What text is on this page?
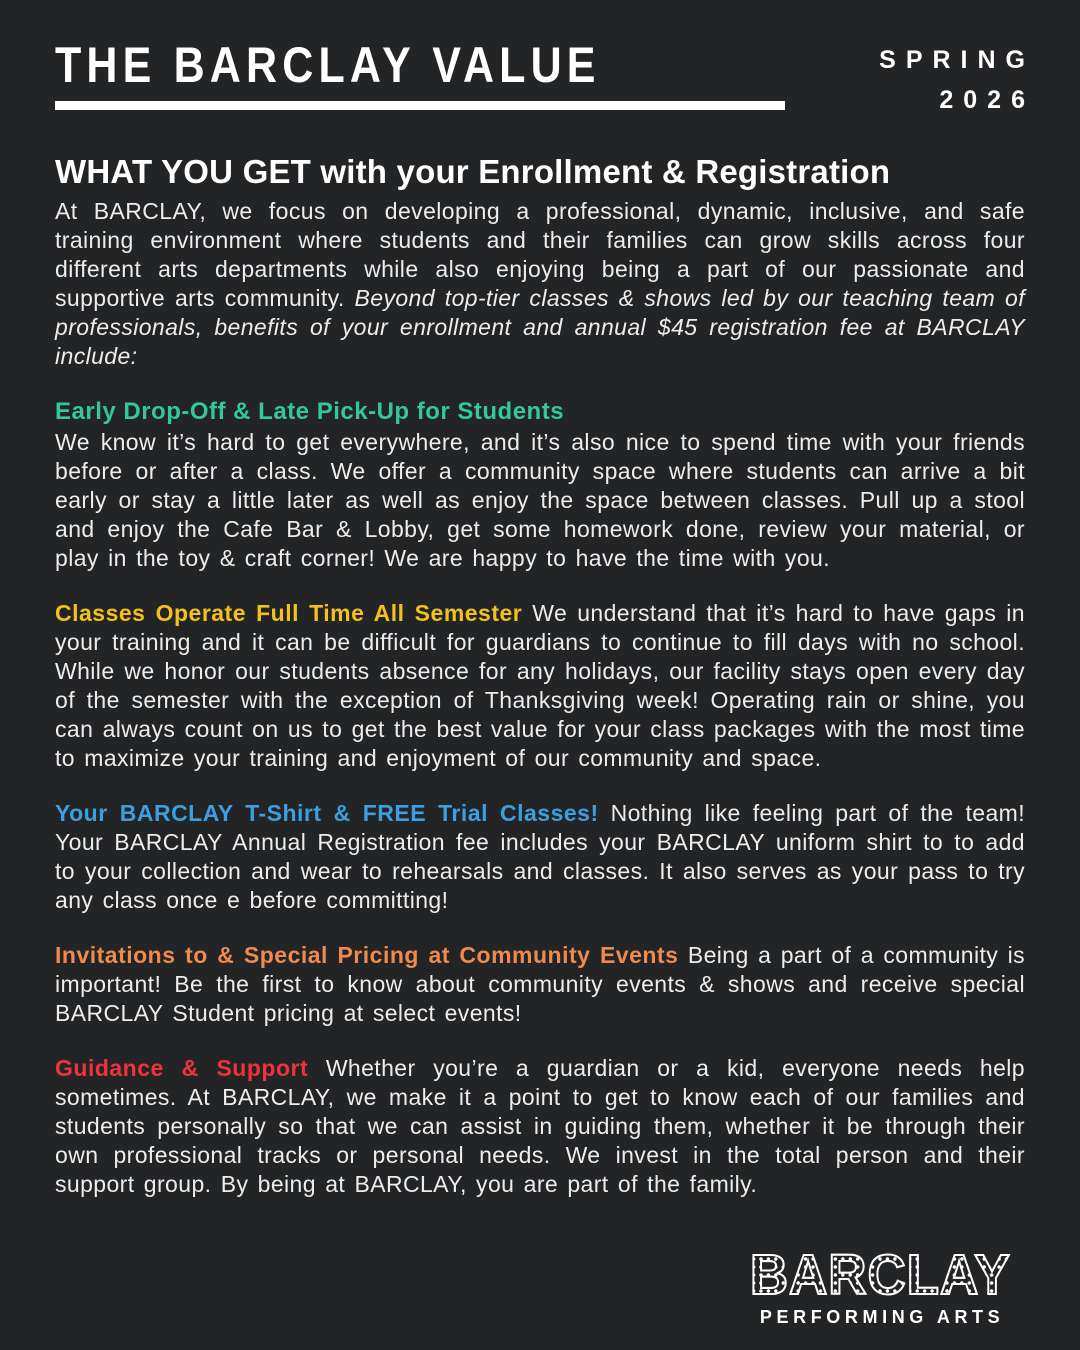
THE BARCLAY VALUE	SPRING
2026
WHAT YOU GET with your Enrollment & Registration

At BARCLAY, we focus on developing a professional, dynamic, inclusive, and safe training environment where students and their families can grow skills across four different arts departments while also enjoying being a part of our passionate and supportive arts community. Beyond top-tier classes & shows led by our teaching team of professionals, benefits of your enrollment and annual $45 registration fee at BARCLAY include:

Early Drop-Off & Late Pick-Up for Students

We know it’s hard to get everywhere, and it’s also nice to spend time with your friends before or after a class. We offer a community space where students can arrive a bit early or stay a little later as well as enjoy the space between classes. Pull up a stool and enjoy the Cafe Bar & Lobby, get some homework done, review your material, or play in the toy & craft corner! We are happy to have the time with you.

Classes Operate Full Time All Semester We understand that it’s hard to have gaps in your training and it can be difficult for guardians to continue to fill days with no school. While we honor our students absence for any holidays, our facility stays open every day of the semester with the exception of Thanksgiving week! Operating rain or shine, you can always count on us to get the best value for your class packages with the most time to maximize your training and enjoyment of our community and space.

Your BARCLAY T-Shirt & FREE Trial Classes! Nothing like feeling part of the team! Your BARCLAY Annual Registration fee includes your BARCLAY uniform shirt to to add to your collection and wear to rehearsals and classes. It also serves as your pass to try any class once e before committing!

Invitations to & Special Pricing at Community Events Being a part of a community is important! Be the first to know about community events & shows and receive special BARCLAY Student pricing at select events!

Guidance & Support Whether you’re a guardian or a kid, everyone needs help sometimes. At BARCLAY, we make it a point to get to know each of our families and students personally so that we can assist in guiding them, whether it be through their own professional tracks or personal needs. We invest in the total person and their support group. By being at BARCLAY, you are part of the family.

BARCLAY
PERFORMING ARTS
